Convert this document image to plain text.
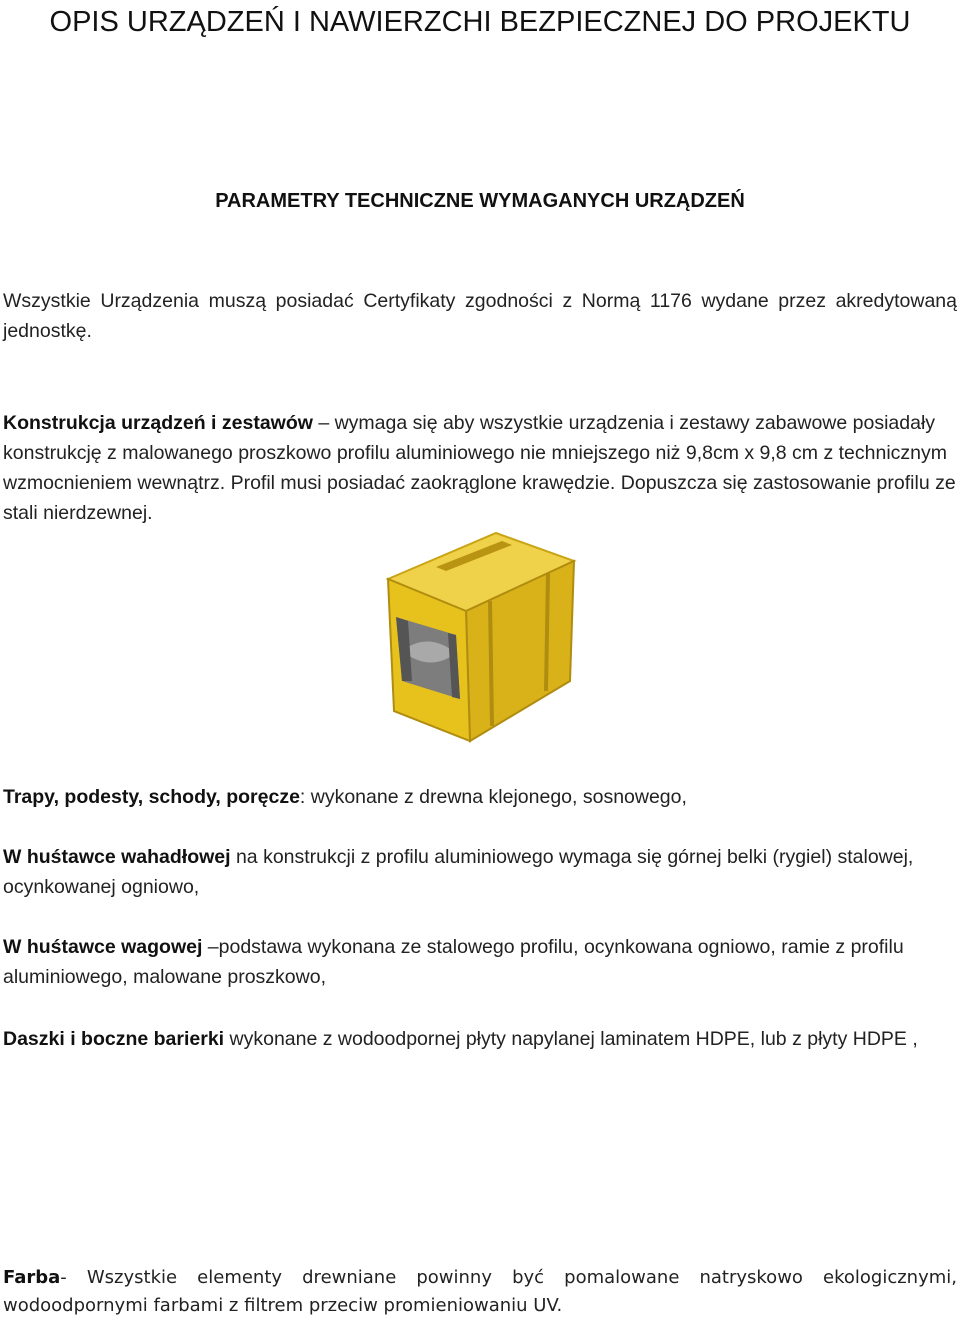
OPIS URZĄDZEŃ I NAWIERZCHI BEZPIECZNEJ DO PROJEKTU
PARAMETRY TECHNICZNE WYMAGANYCH URZĄDZEŃ
Wszystkie Urządzenia muszą posiadać Certyfikaty zgodności z Normą 1176 wydane przez akredytowaną jednostkę.
Konstrukcja urządzeń i zestawów – wymaga się aby wszystkie urządzenia i zestawy zabawowe posiadały konstrukcję z malowanego proszkowo profilu aluminiowego nie mniejszego niż 9,8cm x 9,8 cm z technicznym wzmocnieniem wewnątrz. Profil musi posiadać zaokrąglone krawędzie. Dopuszcza się zastosowanie profilu ze stali nierdzewnej.
Trapy, podesty, schody, poręcze: wykonane z drewna klejonego, sosnowego,
W huśtawce wahadłowej na konstrukcji z profilu aluminiowego wymaga się górnej belki (rygiel) stalowej, ocynkowanej ogniowo,
W huśtawce wagowej –podstawa wykonana ze stalowego profilu, ocynkowana ogniowo, ramie z profilu aluminiowego, malowane proszkowo,
Daszki i boczne barierki wykonane z wodoodpornej płyty napylanej laminatem HDPE, lub z płyty HDPE ,
Farba- Wszystkie elementy drewniane powinny być pomalowane natryskowo ekologicznymi, wodoodpornymi farbami z filtrem przeciw promieniowaniu UV.
